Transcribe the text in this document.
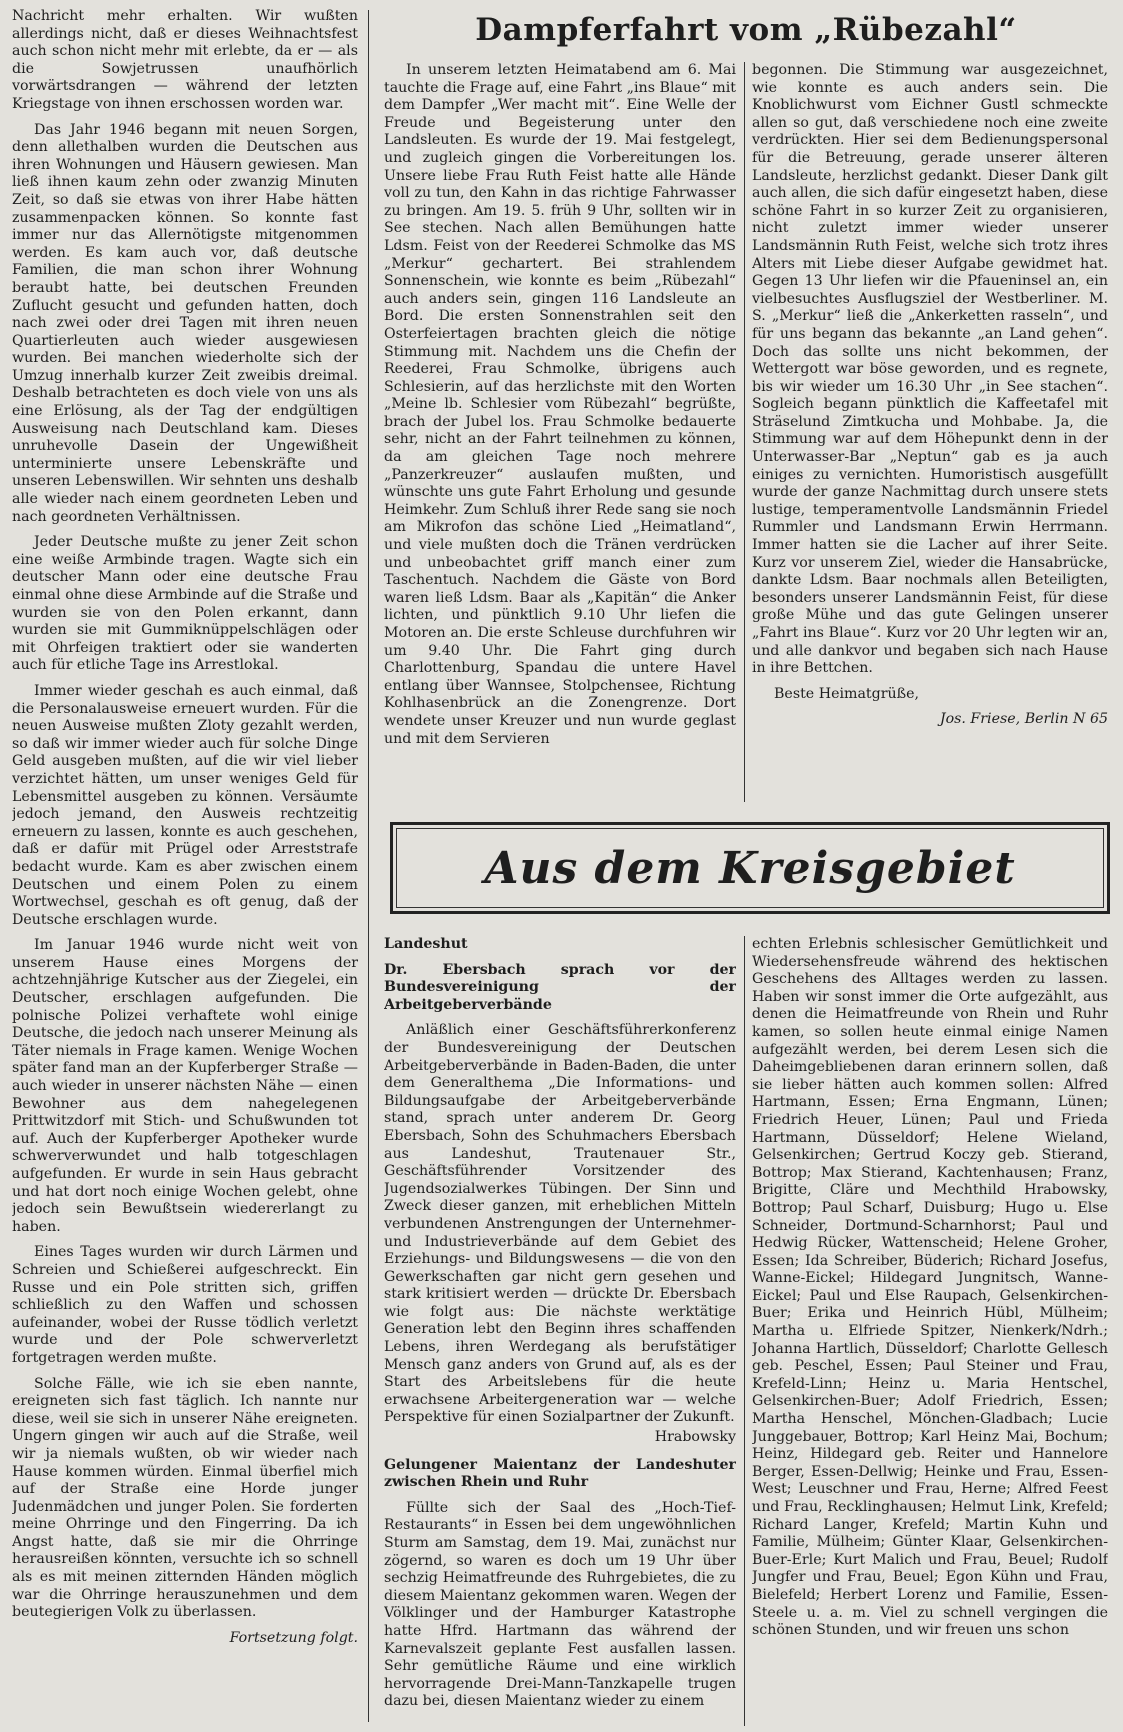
Nachricht mehr erhalten. Wir wußten allerdings nicht, daß er dieses Weihnachtsfest auch schon nicht mehr mit erlebte, da er — als die Sowjetrussen unaufhörlich vorwärtsdrangen — während der letzten Kriegstage von ihnen erschossen worden war.

Das Jahr 1946 begann mit neuen Sorgen, denn allethalben wurden die Deutschen aus ihren Wohnungen und Häusern gewiesen. Man ließ ihnen kaum zehn oder zwanzig Minuten Zeit, so daß sie etwas von ihrer Habe hätten zusammenpacken können. So konnte fast immer nur das Allernötigste mitgenommen werden. Es kam auch vor, daß deutsche Familien, die man schon ihrer Wohnung beraubt hatte, bei deutschen Freunden Zuflucht gesucht und gefunden hatten, doch nach zwei oder drei Tagen mit ihren neuen Quartierleuten auch wieder ausgewiesen wurden. Bei manchen wiederholte sich der Umzug innerhalb kurzer Zeit zweibis dreimal. Deshalb betrachteten es doch viele von uns als eine Erlösung, als der Tag der endgültigen Ausweisung nach Deutschland kam. Dieses unruhevolle Dasein der Ungewißheit unterminierte unsere Lebenskräfte und unseren Lebenswillen. Wir sehnten uns deshalb alle wieder nach einem geordneten Leben und nach geordneten Verhältnissen.

Jeder Deutsche mußte zu jener Zeit schon eine weiße Armbinde tragen. Wagte sich ein deutscher Mann oder eine deutsche Frau einmal ohne diese Armbinde auf die Straße und wurden sie von den Polen erkannt, dann wurden sie mit Gummiknüppelschlägen oder mit Ohrfeigen traktiert oder sie wanderten auch für etliche Tage ins Arrestlokal.

Immer wieder geschah es auch einmal, daß die Personalausweise erneuert wurden. Für die neuen Ausweise mußten Zloty gezahlt werden, so daß wir immer wieder auch für solche Dinge Geld ausgeben mußten, auf die wir viel lieber verzichtet hätten, um unser weniges Geld für Lebensmittel ausgeben zu können. Versäumte jedoch jemand, den Ausweis rechtzeitig erneuern zu lassen, konnte es auch geschehen, daß er dafür mit Prügel oder Arreststrafe bedacht wurde. Kam es aber zwischen einem Deutschen und einem Polen zu einem Wortwechsel, geschah es oft genug, daß der Deutsche erschlagen wurde.

Im Januar 1946 wurde nicht weit von unserem Hause eines Morgens der achtzehnjährige Kutscher aus der Ziegelei, ein Deutscher, erschlagen aufgefunden. Die polnische Polizei verhaftete wohl einige Deutsche, die jedoch nach unserer Meinung als Täter niemals in Frage kamen. Wenige Wochen später fand man an der Kupferberger Straße — auch wieder in unserer nächsten Nähe — einen Bewohner aus dem nahegelegenen Prittwitzdorf mit Stich- und Schußwunden tot auf. Auch der Kupferberger Apotheker wurde schwerverwundet und halb totgeschlagen aufgefunden. Er wurde in sein Haus gebracht und hat dort noch einige Wochen gelebt, ohne jedoch sein Bewußtsein wiedererlangt zu haben.

Eines Tages wurden wir durch Lärmen und Schreien und Schießerei aufgeschreckt. Ein Russe und ein Pole stritten sich, griffen schließlich zu den Waffen und schossen aufeinander, wobei der Russe tödlich verletzt wurde und der Pole schwerverletzt fortgetragen werden mußte.

Solche Fälle, wie ich sie eben nannte, ereigneten sich fast täglich. Ich nannte nur diese, weil sie sich in unserer Nähe ereigneten. Ungern gingen wir auch auf die Straße, weil wir ja niemals wußten, ob wir wieder nach Hause kommen würden. Einmal überfiel mich auf der Straße eine Horde junger Judenmädchen und junger Polen. Sie forderten meine Ohrringe und den Fingerring. Da ich Angst hatte, daß sie mir die Ohrringe herausreißen könnten, versuchte ich so schnell als es mit meinen zitternden Händen möglich war die Ohrringe herauszunehmen und dem beutegierigen Volk zu überlassen.

Fortsetzung folgt.
Dampferfahrt vom „Rübezahl“

In unserem letzten Heimatabend am 6. Mai tauchte die Frage auf, eine Fahrt „ins Blaue“ mit dem Dampfer „Wer macht mit“. Eine Welle der Freude und Begeisterung unter den Landsleuten. Es wurde der 19. Mai festgelegt, und zugleich gingen die Vorbereitungen los. Unsere liebe Frau Ruth Feist hatte alle Hände voll zu tun, den Kahn in das richtige Fahrwasser zu bringen. Am 19. 5. früh 9 Uhr, sollten wir in See stechen. Nach allen Bemühungen hatte Ldsm. Feist von der Reederei Schmolke das MS „Merkur“ gechartert. Bei strahlendem Sonnenschein, wie konnte es beim „Rübezahl“ auch anders sein, gingen 116 Landsleute an Bord. Die ersten Sonnenstrahlen seit den Osterfeiertagen brachten gleich die nötige Stimmung mit. Nachdem uns die Chefin der Reederei, Frau Schmolke, übrigens auch Schlesierin, auf das herzlichste mit den Worten „Meine lb. Schlesier vom Rübezahl“ begrüßte, brach der Jubel los. Frau Schmolke bedauerte sehr, nicht an der Fahrt teilnehmen zu können, da am gleichen Tage noch mehrere „Panzerkreuzer“ auslaufen mußten, und wünschte uns gute Fahrt Erholung und gesunde Heimkehr. Zum Schluß ihrer Rede sang sie noch am Mikrofon das schöne Lied „Heimatland“, und viele mußten doch die Tränen verdrücken und unbeobachtet griff manch einer zum Taschentuch. Nachdem die Gäste von Bord waren ließ Ldsm. Baar als „Kapitän“ die Anker lichten, und pünktlich 9.10 Uhr liefen die Motoren an. Die erste Schleuse durchfuhren wir um 9.40 Uhr. Die Fahrt ging durch Charlottenburg, Spandau die untere Havel entlang über Wannsee, Stolpchensee, Richtung Kohlhasenbrück an die Zonengrenze. Dort wendete unser Kreuzer und nun wurde geglast und mit dem Servieren

begonnen. Die Stimmung war ausgezeichnet, wie konnte es auch anders sein. Die Knoblichwurst vom Eichner Gustl schmeckte allen so gut, daß verschiedene noch eine zweite verdrückten. Hier sei dem Bedienungspersonal für die Betreuung, gerade unserer älteren Landsleute, herzlichst gedankt. Dieser Dank gilt auch allen, die sich dafür eingesetzt haben, diese schöne Fahrt in so kurzer Zeit zu organisieren, nicht zuletzt immer wieder unserer Landsmännin Ruth Feist, welche sich trotz ihres Alters mit Liebe dieser Aufgabe gewidmet hat. Gegen 13 Uhr liefen wir die Pfaueninsel an, ein vielbesuchtes Ausflugsziel der Westberliner. M. S. „Merkur“ ließ die „Ankerketten rasseln“, und für uns begann das bekannte „an Land gehen“. Doch das sollte uns nicht bekommen, der Wettergott war böse geworden, und es regnete, bis wir wieder um 16.30 Uhr „in See stachen“. Sogleich begann pünktlich die Kaffeetafel mit Sträselund Zimtkucha und Mohbabe. Ja, die Stimmung war auf dem Höhepunkt denn in der Unterwasser-Bar „Neptun“ gab es ja auch einiges zu vernichten. Humoristisch ausgefüllt wurde der ganze Nachmittag durch unsere stets lustige, temperamentvolle Landsmännin Friedel Rummler und Landsmann Erwin Herrmann. Immer hatten sie die Lacher auf ihrer Seite. Kurz vor unserem Ziel, wieder die Hansabrücke, dankte Ldsm. Baar nochmals allen Beteiligten, besonders unserer Landsmännin Feist, für diese große Mühe und das gute Gelingen unserer „Fahrt ins Blaue“. Kurz vor 20 Uhr legten wir an, und alle dankvor und begaben sich nach Hause in ihre Bettchen.

Beste Heimatgrüße,

Jos. Friese, Berlin N 65

Aus dem Kreisgebiet

Landeshut

Dr. Ebersbach sprach vor der Bundesvereinigung der Arbeitgeberverbände

Anläßlich einer Geschäftsführerkonferenz der Bundesvereinigung der Deutschen Arbeitgeberverbände in Baden-Baden, die unter dem Generalthema „Die Informations- und Bildungsaufgabe der Arbeitgeberverbände stand, sprach unter anderem Dr. Georg Ebersbach, Sohn des Schuhmachers Ebersbach aus Landeshut, Trautenauer Str., Geschäftsführender Vorsitzender des Jugendsozialwerkes Tübingen. Der Sinn und Zweck dieser ganzen, mit erheblichen Mitteln verbundenen Anstrengungen der Unternehmer- und Industrieverbände auf dem Gebiet des Erziehungs- und Bildungswesens — die von den Gewerkschaften gar nicht gern gesehen und stark kritisiert werden — drückte Dr. Ebersbach wie folgt aus: Die nächste werktätige Generation lebt den Beginn ihres schaffenden Lebens, ihren Werdegang als berufstätiger Mensch ganz anders von Grund auf, als es der Start des Arbeitslebens für die heute erwachsene Arbeitergeneration war — welche Perspektive für einen Sozialpartner der Zukunft.

Hrabowsky

Gelungener Maientanz der Landeshuter zwischen Rhein und Ruhr

Füllte sich der Saal des „Hoch-Tief-Restaurants“ in Essen bei dem ungewöhnlichen Sturm am Samstag, dem 19. Mai, zunächst nur zögernd, so waren es doch um 19 Uhr über sechzig Heimatfreunde des Ruhrgebietes, die zu diesem Maientanz gekommen waren. Wegen der Völklinger und der Hamburger Katastrophe hatte Hfrd. Hartmann das während der Karnevalszeit geplante Fest ausfallen lassen. Sehr gemütliche Räume und eine wirklich hervorragende Drei-Mann-Tanzkapelle trugen dazu bei, diesen Maientanz wieder zu einem

echten Erlebnis schlesischer Gemütlichkeit und Wiedersehensfreude während des hektischen Geschehens des Alltages werden zu lassen. Haben wir sonst immer die Orte aufgezählt, aus denen die Heimatfreunde von Rhein und Ruhr kamen, so sollen heute einmal einige Namen aufgezählt werden, bei derem Lesen sich die Daheimgebliebenen daran erinnern sollen, daß sie lieber hätten auch kommen sollen: Alfred Hartmann, Essen; Erna Engmann, Lünen; Friedrich Heuer, Lünen; Paul und Frieda Hartmann, Düsseldorf; Helene Wieland, Gelsenkirchen; Gertrud Koczy geb. Stierand, Bottrop; Max Stierand, Kachtenhausen; Franz, Brigitte, Cläre und Mechthild Hrabowsky, Bottrop; Paul Scharf, Duisburg; Hugo u. Else Schneider, Dortmund-Scharnhorst; Paul und Hedwig Rücker, Wattenscheid; Helene Groher, Essen; Ida Schreiber, Büderich; Richard Josefus, Wanne-Eickel; Hildegard Jungnitsch, Wanne-Eickel; Paul und Else Raupach, Gelsenkirchen-Buer; Erika und Heinrich Hübl, Mülheim; Martha u. Elfriede Spitzer, Nienkerk/Ndrh.; Johanna Hartlich, Düsseldorf; Charlotte Gellesch geb. Peschel, Essen; Paul Steiner und Frau, Krefeld-Linn; Heinz u. Maria Hentschel, Gelsenkirchen-Buer; Adolf Friedrich, Essen; Martha Henschel, Mönchen-Gladbach; Lucie Junggebauer, Bottrop; Karl Heinz Mai, Bochum; Heinz, Hildegard geb. Reiter und Hannelore Berger, Essen-Dellwig; Heinke und Frau, Essen-West; Leuschner und Frau, Herne; Alfred Feest und Frau, Recklinghausen; Helmut Link, Krefeld; Richard Langer, Krefeld; Martin Kuhn und Familie, Mülheim; Günter Klaar, Gelsenkirchen-Buer-Erle; Kurt Malich und Frau, Beuel; Rudolf Jungfer und Frau, Beuel; Egon Kühn und Frau, Bielefeld; Herbert Lorenz und Familie, Essen-Steele u. a. m. Viel zu schnell vergingen die schönen Stunden, und wir freuen uns schon
